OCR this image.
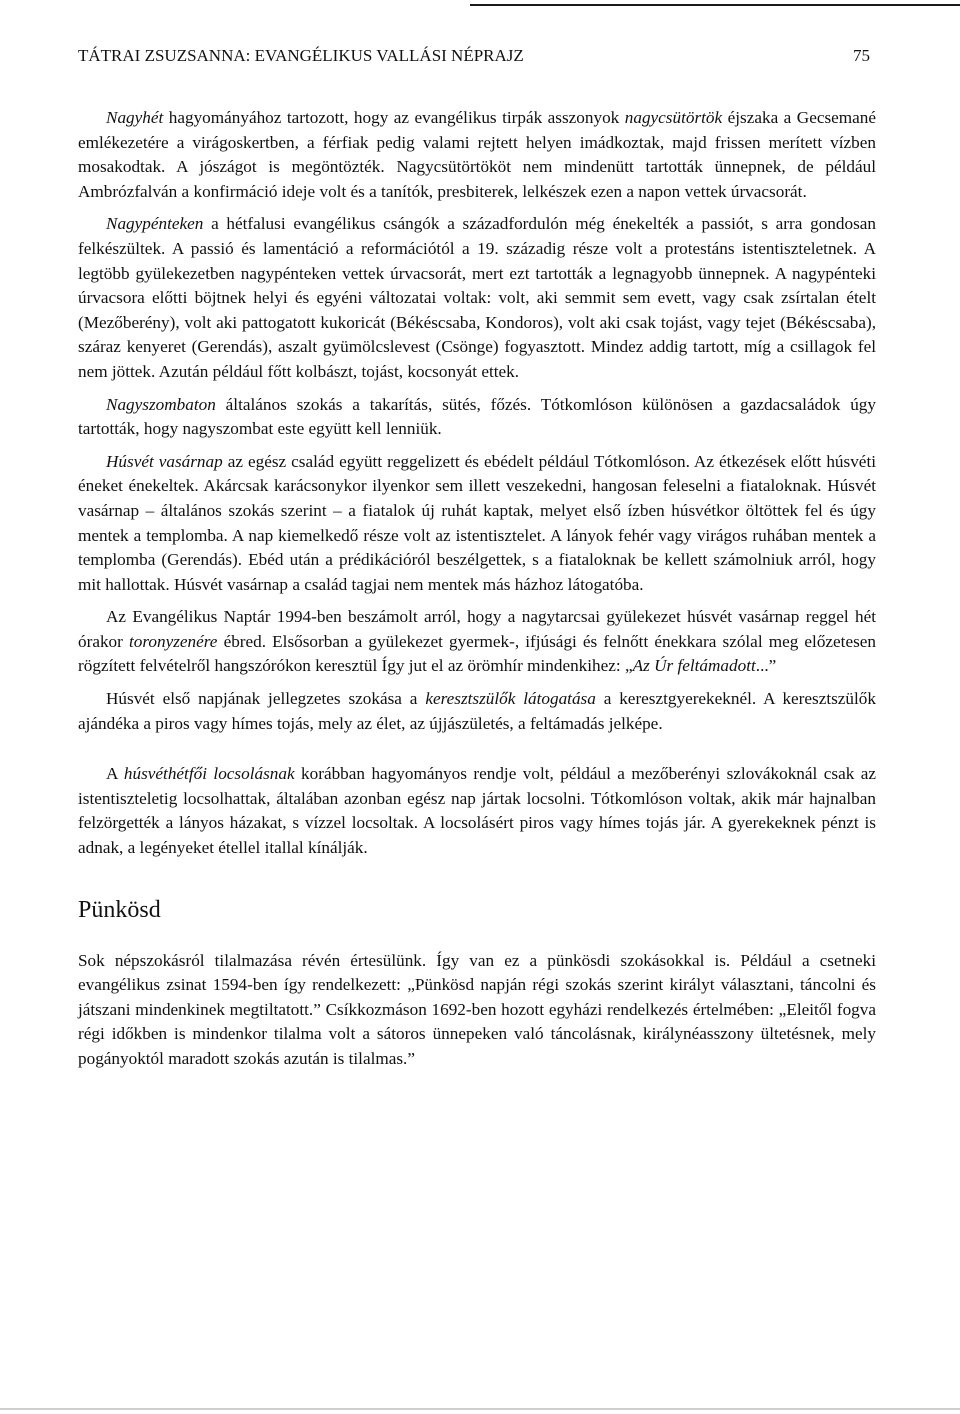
TÁTRAI ZSUZSANNA: EVANGÉLIKUS VALLÁSI NÉPRAJZ	75

Nagyhét hagyományához tartozott, hogy az evangélikus tirpák asszonyok nagycsütörtök éjszaka a Gecsemané emlékezetére a virágoskertben, a férfiak pedig valami rejtett helyen imádkoztak, majd frissen merített vízben mosakodtak. A jószágot is megöntözték. Nagycsütörtököt nem mindenütt tartották ünnepnek, de például Ambrózfalván a konfirmáció ideje volt és a tanítók, presbiterek, lelkészek ezen a napon vettek úrvacsorát.

Nagypénteken a hétfalusi evangélikus csángók a századfordulón még énekelték a passiót, s arra gondosan felkészültek. A passió és lamentáció a reformációtól a 19. századig része volt a protestáns istentiszteletnek. A legtöbb gyülekezetben nagypénteken vettek úrvacsorát, mert ezt tartották a legnagyobb ünnepnek. A nagypénteki úrvacsora előtti böjtnek helyi és egyéni változatai voltak: volt, aki semmit sem evett, vagy csak zsírtalan ételt (Mezőberény), volt aki pattogatott kukoricát (Békéscsaba, Kondoros), volt aki csak tojást, vagy tejet (Békéscsaba), száraz kenyeret (Gerendás), aszalt gyümölcslevest (Csönge) fogyasztott. Mindez addig tartott, míg a csillagok fel nem jöttek. Azután például főtt kolbászt, tojást, kocsonyát ettek.

Nagyszombaton általános szokás a takarítás, sütés, főzés. Tótkomlóson különösen a gazdacsaládok úgy tartották, hogy nagyszombat este együtt kell lenniük.

Húsvét vasárnap az egész család együtt reggelizett és ebédelt például Tótkomlóson. Az étkezések előtt húsvéti éneket énekeltek. Akárcsak karácsonykor ilyenkor sem illett veszekedni, hangosan feleselni a fiataloknak. Húsvét vasárnap – általános szokás szerint – a fiatalok új ruhát kaptak, melyet első ízben húsvétkor öltöttek fel és úgy mentek a templomba. A nap kiemelkedő része volt az istentisztelet. A lányok fehér vagy virágos ruhában mentek a templomba (Gerendás). Ebéd után a prédikációról beszélgettek, s a fiataloknak be kellett számolniuk arról, hogy mit hallottak. Húsvét vasárnap a család tagjai nem mentek más házhoz látogatóba.

Az Evangélikus Naptár 1994-ben beszámolt arról, hogy a nagytarcsai gyülekezet húsvét vasárnap reggel hét órakor toronyzenére ébred. Elsősorban a gyülekezet gyermek-, ifjúsági és felnőtt énekkara szólal meg előzetesen rögzített felvételről hangszórókon keresztül Így jut el az örömhír mindenkihez: „Az Úr feltámadott...”

Húsvét első napjának jellegzetes szokása a keresztszülők látogatása a keresztgyerekeknél. A keresztszülők ajándéka a piros vagy hímes tojás, mely az élet, az újjászületés, a feltámadás jelképe.

A húsvéthétfői locsolásnak korábban hagyományos rendje volt, például a mezőberényi szlovákoknál csak az istentiszteletig locsolhattak, általában azonban egész nap jártak locsolni. Tótkomlóson voltak, akik már hajnalban felzörgették a lányos házakat, s vízzel locsoltak. A locsolásért piros vagy hímes tojás jár. A gyerekeknek pénzt is adnak, a legényeket étellel itallal kínálják.

Pünkösd

Sok népszokásról tilalmazása révén értesülünk. Így van ez a pünkösdi szokásokkal is. Például a csetneki evangélikus zsinat 1594-ben így rendelkezett: „Pünkösd napján régi szokás szerint királyt választani, táncolni és játszani mindenkinek megtiltatott.” Csíkkozmáson 1692-ben hozott egyházi rendelkezés értelmében: „Eleitől fogva régi időkben is mindenkor tilalma volt a sátoros ünnepeken való táncolásnak, királynéasszony ültetésnek, mely pogányoktól maradott szokás azután is tilalmas.”
